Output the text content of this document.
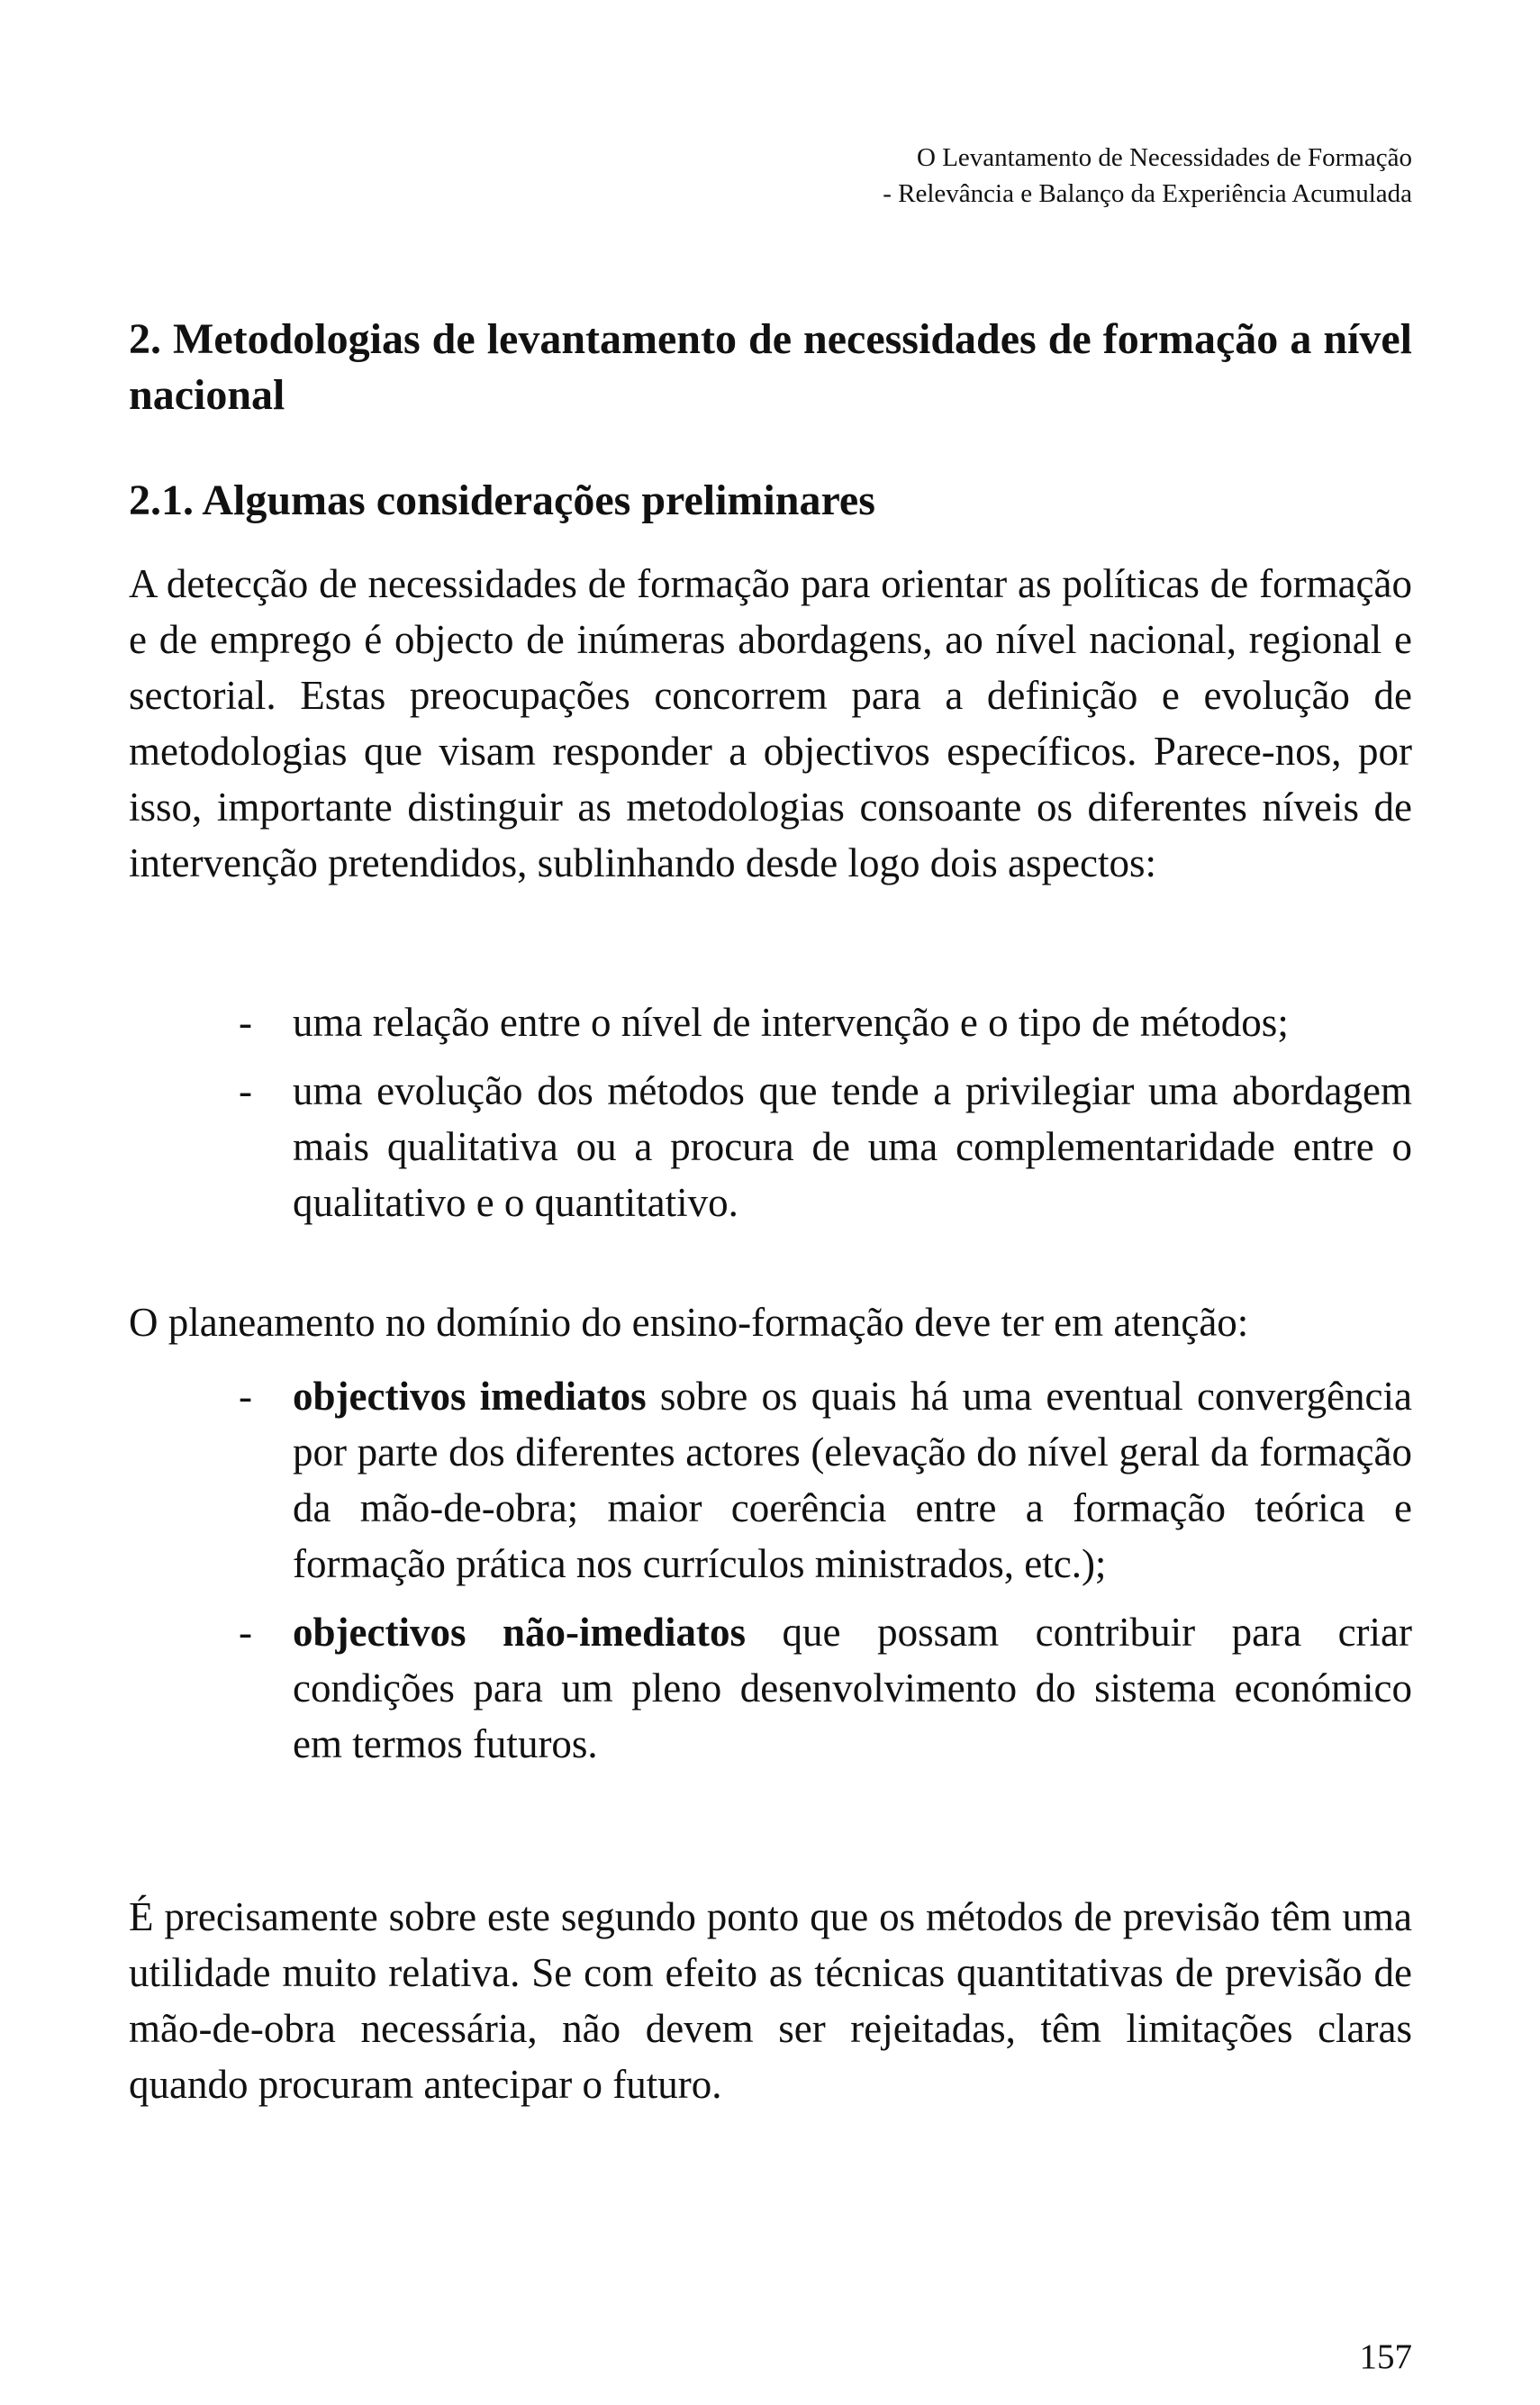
O Levantamento de Necessidades de Formação
- Relevância e Balanço da Experiência Acumulada
2. Metodologias de levantamento de necessidades de formação a nível nacional
2.1. Algumas considerações preliminares

A detecção de necessidades de formação para orientar as políticas de formação e de emprego é objecto de inúmeras abordagens, ao nível nacional, regional e sectorial. Estas preocupações concorrem para a definição e evolução de metodologias que visam responder a objectivos específicos. Parece-nos, por isso, importante distinguir as metodologias consoante os diferentes níveis de intervenção pretendidos, sublinhando desde logo dois aspectos:

- uma relação entre o nível de intervenção e o tipo de métodos;
- uma evolução dos métodos que tende a privilegiar uma abordagem mais qualitativa ou a procura de uma complementaridade entre o qualitativo e o quantitativo.

O planeamento no domínio do ensino-formação deve ter em atenção:

- objectivos imediatos sobre os quais há uma eventual convergência por parte dos diferentes actores (elevação do nível geral da formação da mão-de-obra; maior coerência entre a formação teórica e formação prática nos currículos ministrados, etc.);
- objectivos não-imediatos que possam contribuir para criar condições para um pleno desenvolvimento do sistema económico em termos futuros.

É precisamente sobre este segundo ponto que os métodos de previsão têm uma utilidade muito relativa. Se com efeito as técnicas quantitativas de previsão de mão-de-obra necessária, não devem ser rejeitadas, têm limitações claras quando procuram antecipar o futuro.

157
